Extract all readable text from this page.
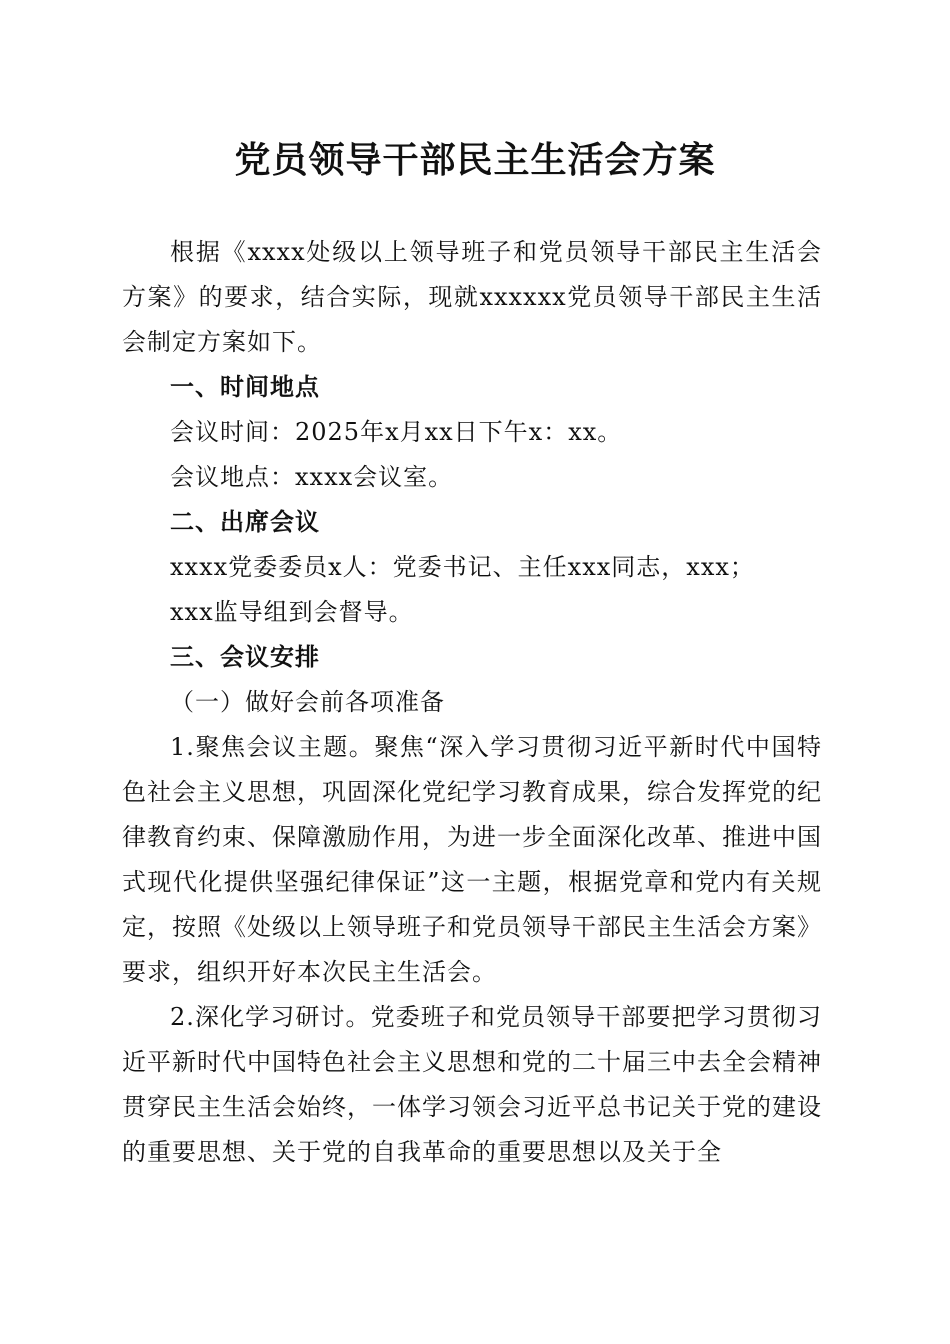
党员领导干部民主生活会方案

根据《xxxx处级以上领导班子和党员领导干部民主生活会方案》的要求，结合实际，现就xxxxxx党员领导干部民主生活会制定方案如下。

一、时间地点

会议时间：2025年x月xx日下午x：xx。

会议地点：xxxx会议室。

二、出席会议

xxxx党委委员x人：党委书记、主任xxx同志，xxx；

xxx监导组到会督导。

三、会议安排

（一）做好会前各项准备

1.聚焦会议主题。聚焦“深入学习贯彻习近平新时代中国特色社会主义思想，巩固深化党纪学习教育成果，综合发挥党的纪律教育约束、保障激励作用，为进一步全面深化改革、推进中国式现代化提供坚强纪律保证”这一主题，根据党章和党内有关规定，按照《处级以上领导班子和党员领导干部民主生活会方案》要求，组织开好本次民主生活会。

2.深化学习研讨。党委班子和党员领导干部要把学习贯彻习近平新时代中国特色社会主义思想和党的二十届三中去全会精神贯穿民主生活会始终，一体学习领会习近平总书记关于党的建设的重要思想、关于党的自我革命的重要思想以及关于全
